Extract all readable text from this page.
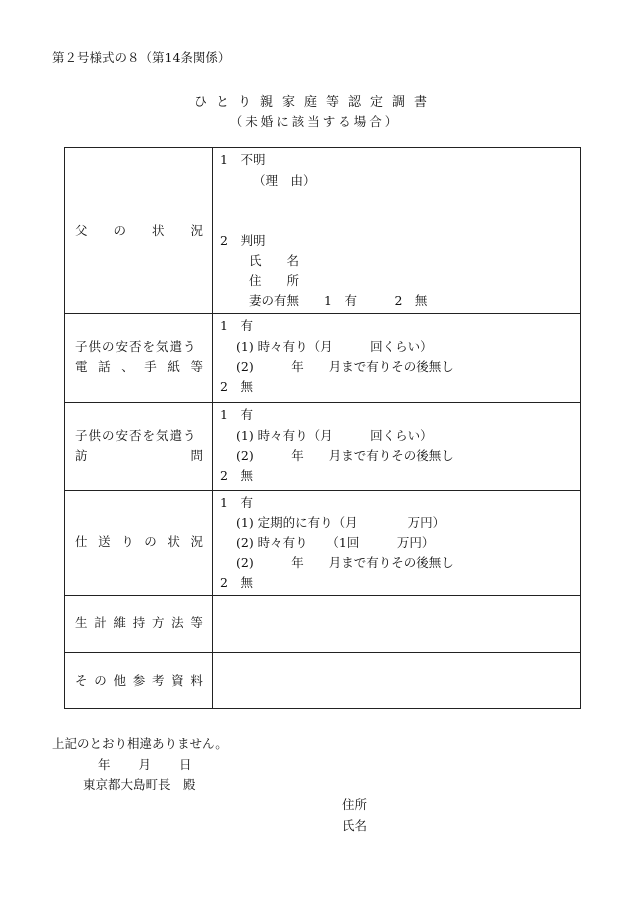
第２号様式の８（第14条関係）
ひとり親家庭等認定調書
（未婚に該当する場合）
父 の 状 況
1　不明
（理　由）
2　判明
氏　　名
住　　所
妻の有無　　1　有　　　2　無
子供の安否を気遣う
電 話 、 手 紙 等
1　有
(1) 時々有り（月　　　回くらい）
(2)　　　年　　月まで有りその後無し
2　無
子供の安否を気遣う
訪	問
1　有
(1) 時々有り（月　　　回くらい）
(2)　　　年　　月まで有りその後無し
2　無
仕 送 り の 状 況
1　有
(1) 定期的に有り（月　　　　万円）
(2) 時々有り　　（1回　　　万円）
(2)　　　年　　月まで有りその後無し
2　無
生 計 維 持 方 法 等
そ の 他 参 考 資 料
上記のとおり相違ありません。
年　　月　　日
東京都大島町長　殿
住所
氏名
